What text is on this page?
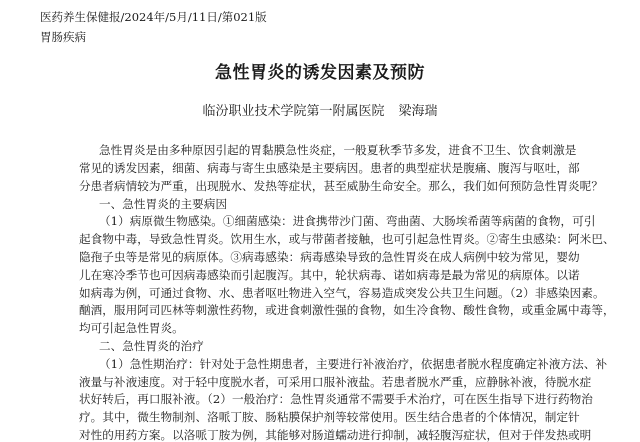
医药养生保健报/2024年/5月/11日/第021版
胃肠疾病
急性胃炎的诱发因素及预防
临汾职业技术学院第一附属医院 梁海瑞
急性胃炎是由多种原因引起的胃黏膜急性炎症，一般夏秋季节多发，进食不卫生、饮食刺激是
常见的诱发因素，细菌、病毒与寄生虫感染是主要病因。患者的典型症状是腹痛、腹泻与呕吐，部
分患者病情较为严重，出现脱水、发热等症状，甚至威胁生命安全。那么，我们如何预防急性胃炎呢？
一、急性胃炎的主要病因
（1）病原微生物感染。①细菌感染：进食携带沙门菌、弯曲菌、大肠埃希菌等病菌的食物，可引
起食物中毒，导致急性胃炎。饮用生水，或与带菌者接触，也可引起急性胃炎。②寄生虫感染：阿米巴、
隐孢子虫等是常见的病原体。③病毒感染：病毒感染导致的急性胃炎在成人病例中较为常见，婴幼
儿在寒冷季节也可因病毒感染而引起腹泻。其中，轮状病毒、诺如病毒是最为常见的病原体。以诺
如病毒为例，可通过食物、水、患者呕吐物进入空气，容易造成突发公共卫生问题。（2）非感染因素。
酗酒，服用阿司匹林等刺激性药物，或进食刺激性强的食物，如生冷食物、酸性食物，或重金属中毒等，
均可引起急性胃炎。
二、急性胃炎的治疗
（1）急性期治疗：针对处于急性期患者，主要进行补液治疗，依据患者脱水程度确定补液方法、补
液量与补液速度。对于轻中度脱水者，可采用口服补液盐。若患者脱水严重，应静脉补液，待脱水症
状好转后，再口服补液。（2）一般治疗：急性胃炎通常不需要手术治疗，可在医生指导下进行药物治
疗。其中，微生物制剂、洛哌丁胺、肠粘膜保护剂等较常使用。医生结合患者的个体情况，制定针
对性的用药方案。以洛哌丁胺为例，其能够对肠道蠕动进行抑制，减轻腹泻症状，但对于伴发热或明
